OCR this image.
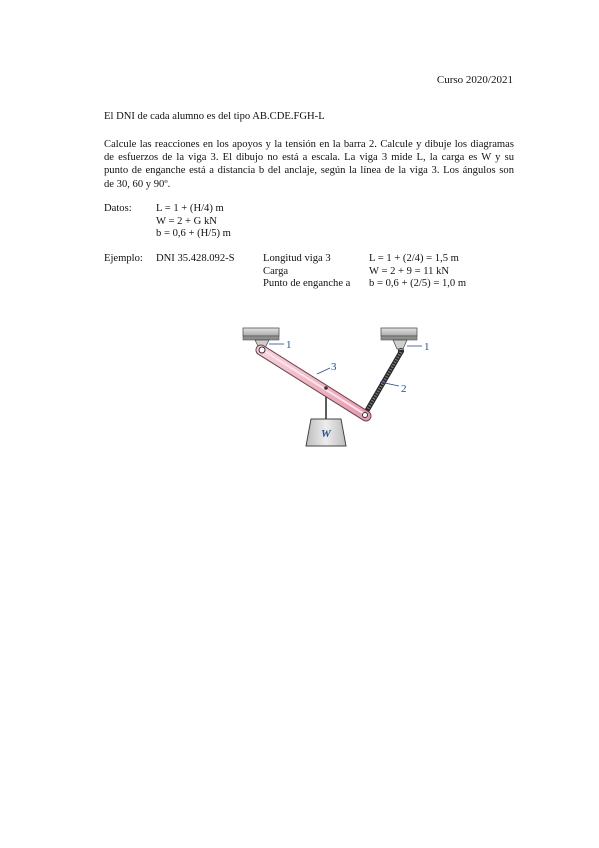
Curso 2020/2021
El DNI de cada alumno es del tipo AB.CDE.FGH-L
Calcule las reacciones en los apoyos y la tensión en la barra 2. Calcule y dibuje los diagramas
de esfuerzos de la viga 3. El dibujo no está a escala. La viga 3 mide L, la carga es W y su
punto de enganche está a distancia b del anclaje, según la línea de la viga 3. Los ángulos son
de 30, 60 y 90º.
Datos: L = 1 + (H/4) m
W = 2 + G kN
b = 0,6 + (H/5) m
Ejemplo: DNI 35.428.092-S	Longitud viga 3
Carga
Punto de enganche a
L = 1 + (2/4) = 1,5 m
W = 2 + 9 = 11 kN
b = 0,6 + (2/5) = 1,0 m
1	1
3
2
W
